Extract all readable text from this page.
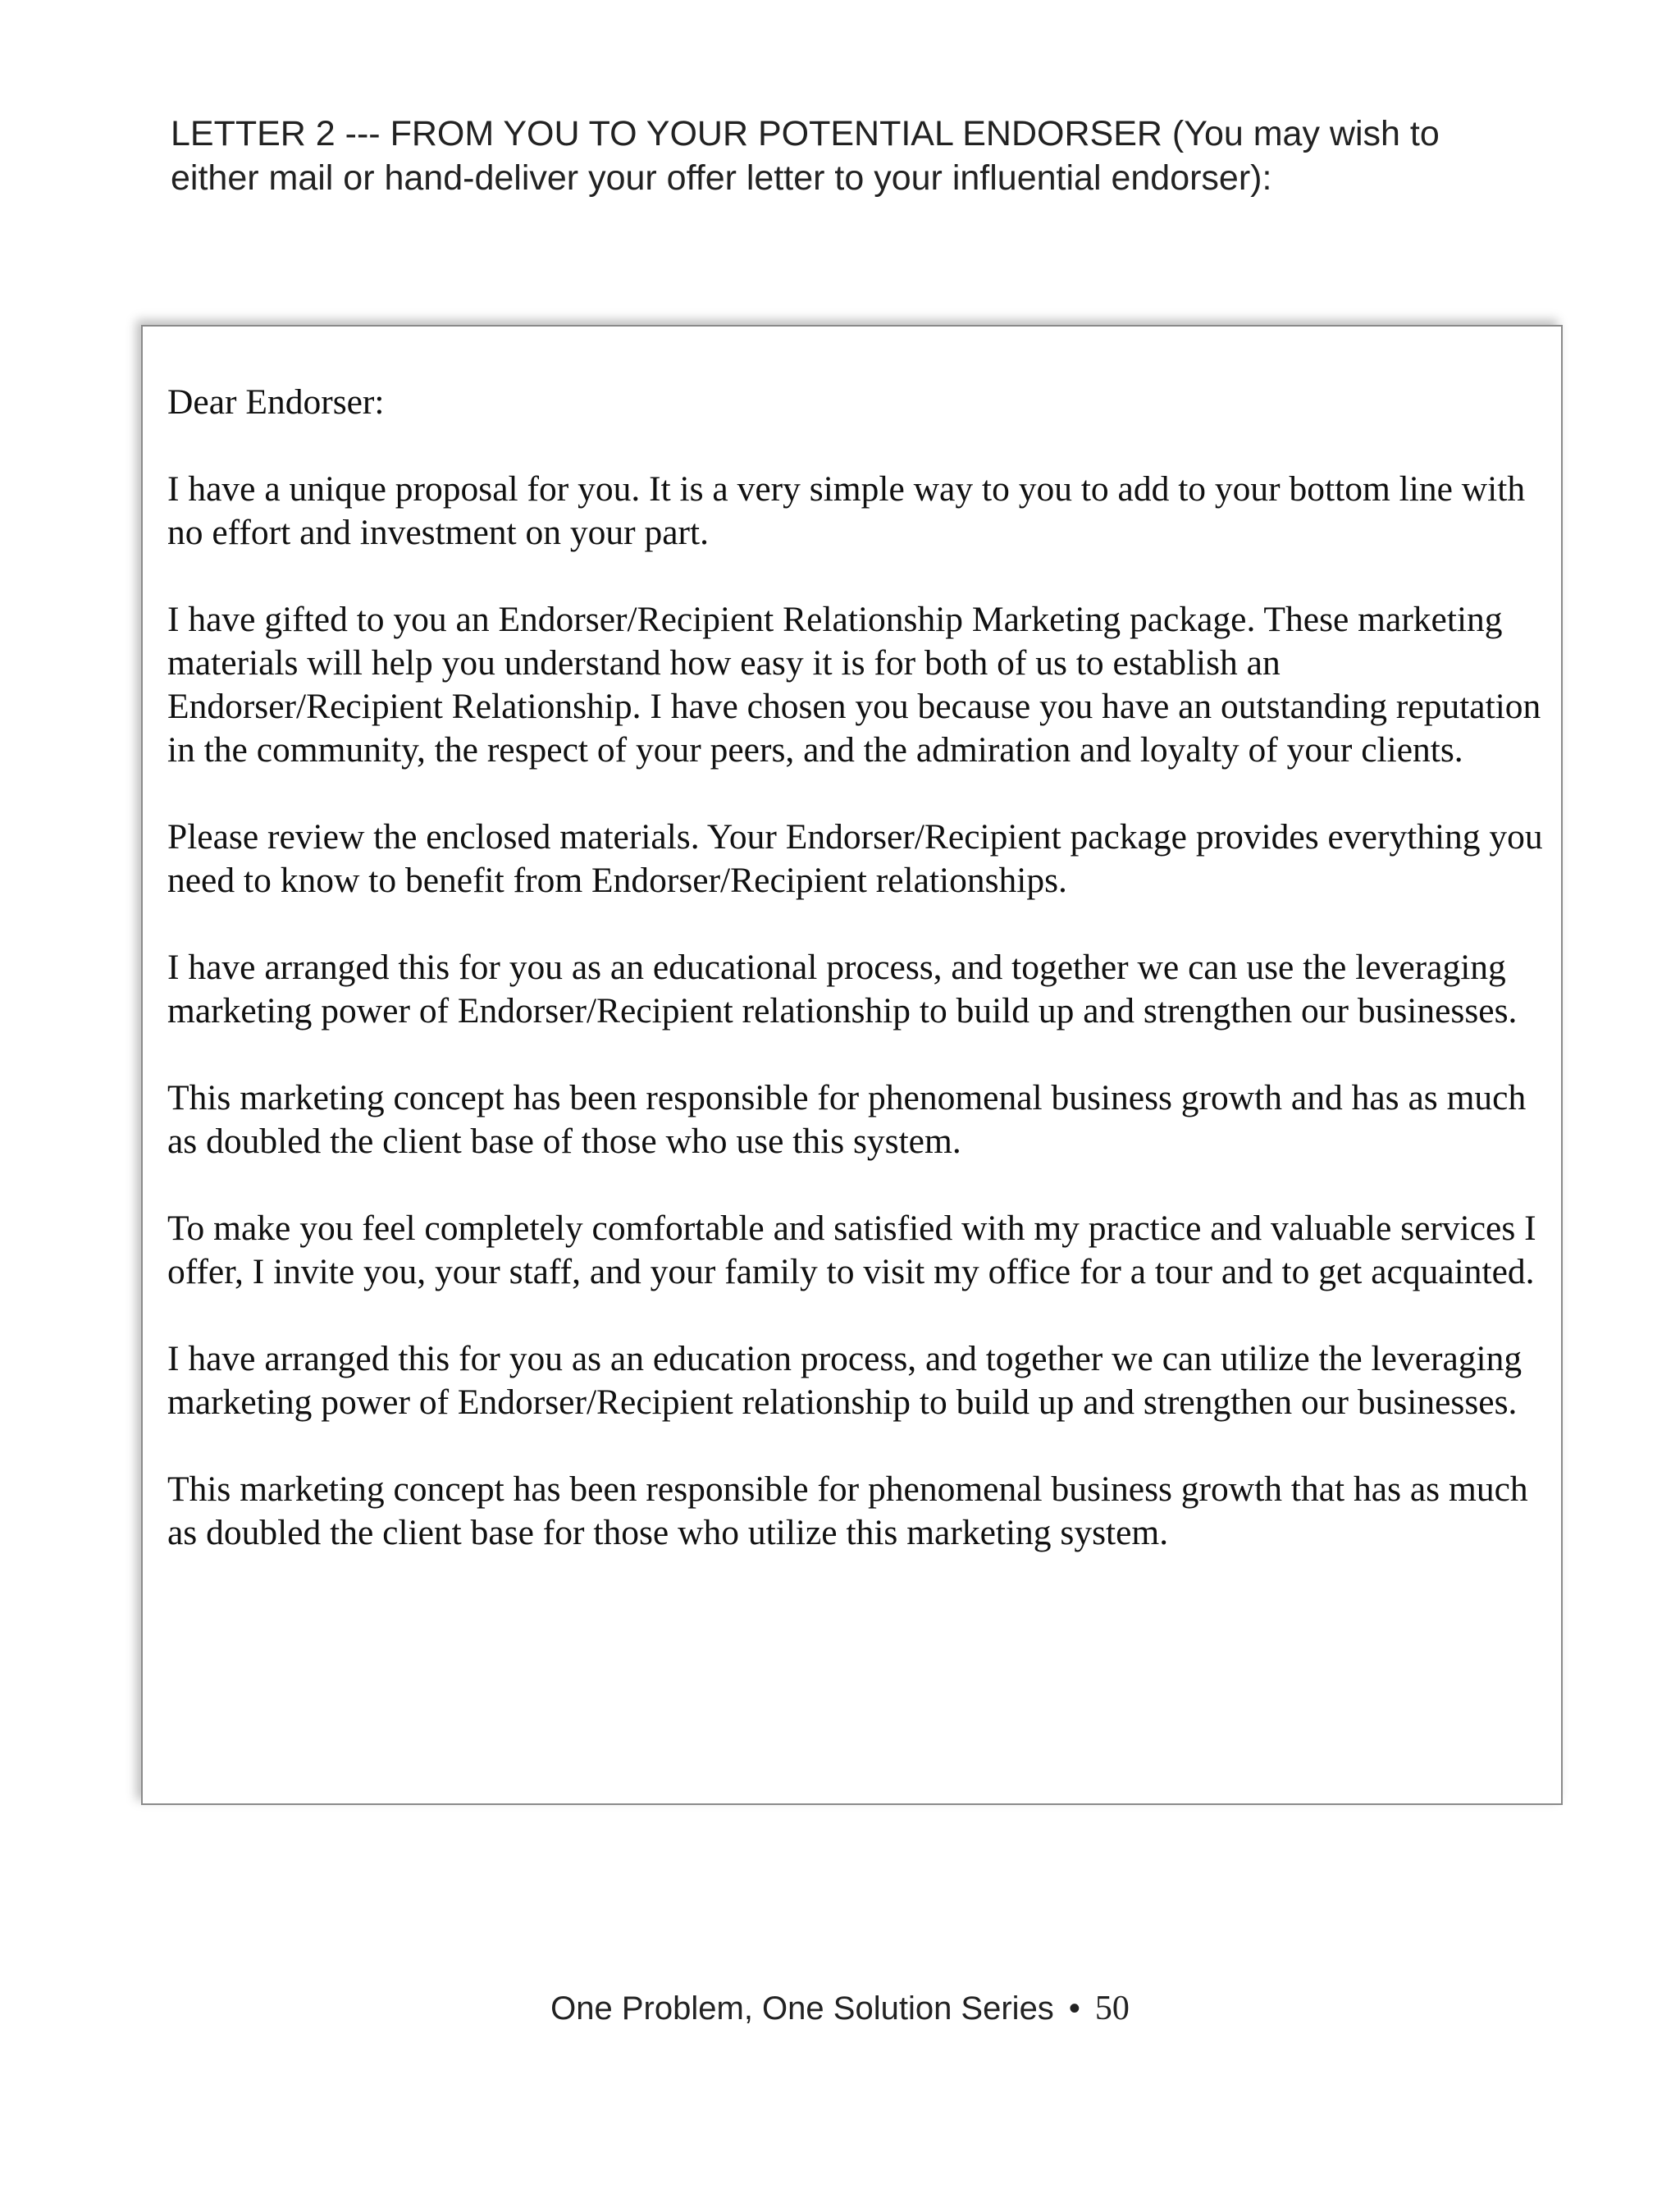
LETTER 2 --- FROM YOU TO YOUR POTENTIAL ENDORSER (You may wish to either mail or hand-deliver your offer letter to your influential endorser):

Dear Endorser:

I have a unique proposal for you. It is a very simple way to you to add to your bottom line with no effort and investment on your part.

I have gifted to you an Endorser/Recipient Relationship Marketing package. These marketing materials will help you understand how easy it is for both of us to establish an Endorser/Recipient Relationship. I have chosen you because you have an outstanding reputation in the community, the respect of your peers, and the admiration and loyalty of your clients.

Please review the enclosed materials. Your Endorser/Recipient package provides everything you need to know to benefit from Endorser/Recipient relationships.

I have arranged this for you as an educational process, and together we can use the leveraging marketing power of Endorser/Recipient relationship to build up and strengthen our businesses.

This marketing concept has been responsible for phenomenal business growth and has as much as doubled the client base of those who use this system.

To make you feel completely comfortable and satisfied with my practice and valuable services I offer, I invite you, your staff, and your family to visit my office for a tour and to get acquainted.

I have arranged this for you as an education process, and together we can utilize the leveraging marketing power of Endorser/Recipient relationship to build up and strengthen our businesses.

This marketing concept has been responsible for phenomenal business growth that has as much as doubled the client base for those who utilize this marketing system.

One Problem, One Solution Series • 50
